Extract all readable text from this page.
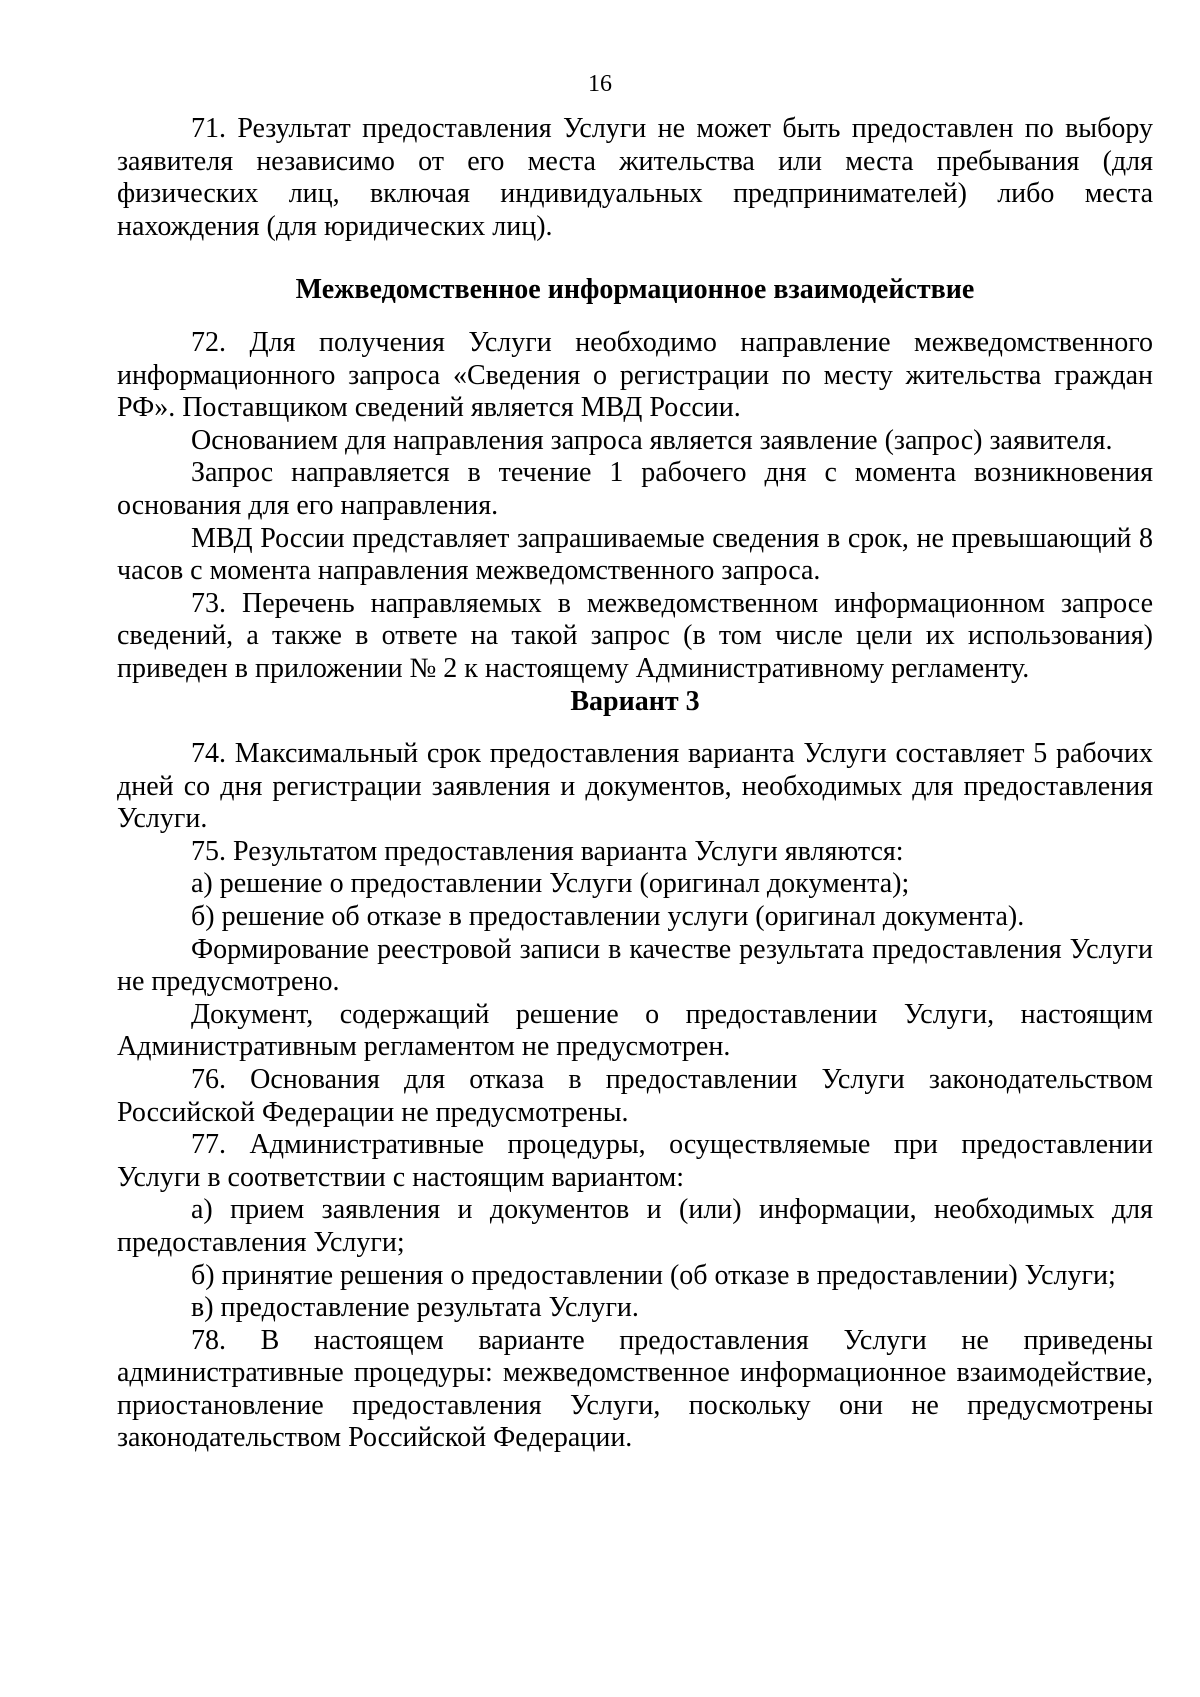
16

71. Результат предоставления Услуги не может быть предоставлен по выбору заявителя независимо от его места жительства или места пребывания (для физических лиц, включая индивидуальных предпринимателей) либо места нахождения (для юридических лиц).

Межведомственное информационное взаимодействие

72. Для получения Услуги необходимо направление межведомственного информационного запроса «Сведения о регистрации по месту жительства граждан РФ». Поставщиком сведений является МВД России.

Основанием для направления запроса является заявление (запрос) заявителя.

Запрос направляется в течение 1 рабочего дня с момента возникновения основания для его направления.

МВД России представляет запрашиваемые сведения в срок, не превышающий 8 часов с момента направления межведомственного запроса.

73. Перечень направляемых в межведомственном информационном запросе сведений, а также в ответе на такой запрос (в том числе цели их использования) приведен в приложении № 2 к настоящему Административному регламенту.

Вариант 3

74. Максимальный срок предоставления варианта Услуги составляет 5 рабочих дней со дня регистрации заявления и документов, необходимых для предоставления Услуги.

75. Результатом предоставления варианта Услуги являются:

а) решение о предоставлении Услуги (оригинал документа);

б) решение об отказе в предоставлении услуги (оригинал документа).

Формирование реестровой записи в качестве результата предоставления Услуги не предусмотрено.

Документ, содержащий решение о предоставлении Услуги, настоящим Административным регламентом не предусмотрен.

76. Основания для отказа в предоставлении Услуги законодательством Российской Федерации не предусмотрены.

77. Административные процедуры, осуществляемые при предоставлении Услуги в соответствии с настоящим вариантом:

а) прием заявления и документов и (или) информации, необходимых для предоставления Услуги;

б) принятие решения о предоставлении (об отказе в предоставлении) Услуги;

в) предоставление результата Услуги.

78. В настоящем варианте предоставления Услуги не приведены административные процедуры: межведомственное информационное взаимодействие, приостановление предоставления Услуги, поскольку они не предусмотрены законодательством Российской Федерации.
